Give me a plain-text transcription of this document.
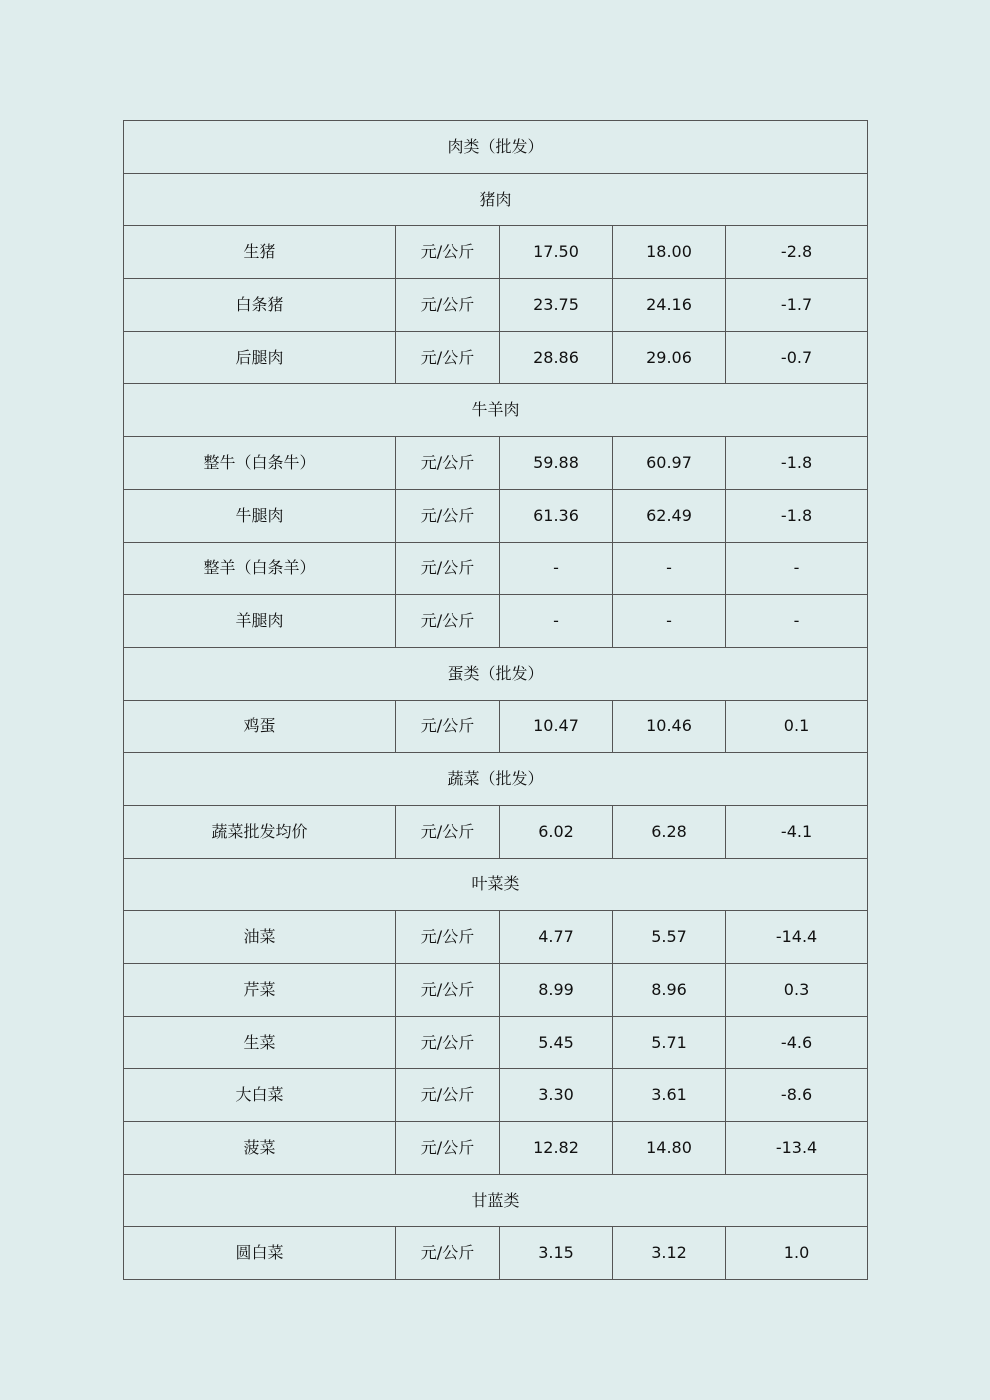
肉类（批发）				
猪肉				
生猪	元/公斤	17.50	18.00	-2.8
白条猪	元/公斤	23.75	24.16	-1.7
后腿肉	元/公斤	28.86	29.06	-0.7
牛羊肉				
整牛（白条牛）	元/公斤	59.88	60.97	-1.8
牛腿肉	元/公斤	61.36	62.49	-1.8
整羊（白条羊）	元/公斤	-	-	-
羊腿肉	元/公斤	-	-	-
蛋类（批发）				
鸡蛋	元/公斤	10.47	10.46	0.1
蔬菜（批发）				
蔬菜批发均价	元/公斤	6.02	6.28	-4.1
叶菜类				
油菜	元/公斤	4.77	5.57	-14.4
芹菜	元/公斤	8.99	8.96	0.3
生菜	元/公斤	5.45	5.71	-4.6
大白菜	元/公斤	3.30	3.61	-8.6
菠菜	元/公斤	12.82	14.80	-13.4
甘蓝类				
圆白菜	元/公斤	3.15	3.12	1.0
